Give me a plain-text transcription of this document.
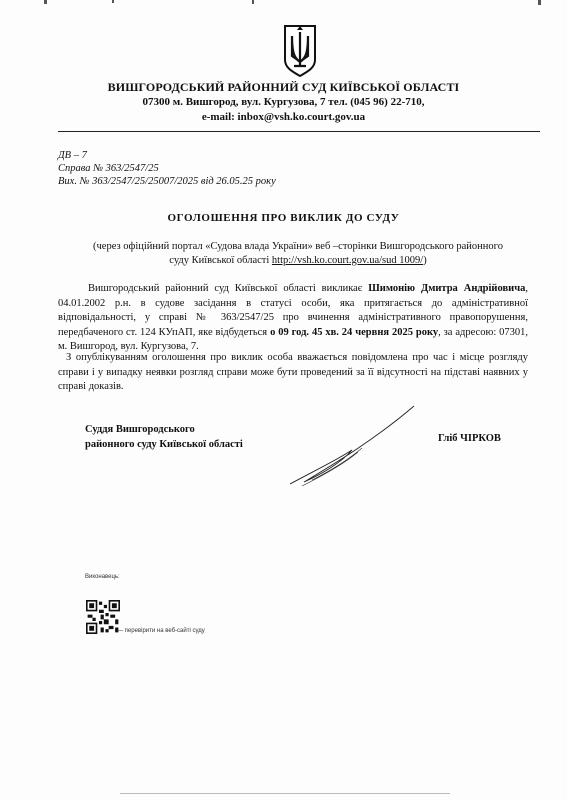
ВИШГОРОДСЬКИЙ РАЙОННИЙ СУД КИЇВСЬКОЇ ОБЛАСТІ
07300 м. Вишгород, вул. Кургузова, 7 тел. (045 96) 22-710,
e-mail: inbox@vsh.ko.court.gov.ua
ДВ – 7
Справа № 363/2547/25
Вих. № 363/2547/25/25007/2025 від 26.05.25 року
ОГОЛОШЕННЯ ПРО ВИКЛИК ДО СУДУ
(через офіційний портал «Судова влада України» веб –сторінки Вишгородського районного суду Київської області http://vsh.ko.court.gov.ua/sud 1009/)
Вишгородський районний суд Київської області викликає Шимонію Дмитра Андрійовича, 04.01.2002 р.н. в судове засідання в статусі особи, яка притягається до адміністративної відповідальності, у справі № 363/2547/25 про вчинення адміністративного правопорушення, передбаченого ст. 124 КУпАП, яке відбудеться о 09 год. 45 хв. 24 червня 2025 року, за адресою: 07301, м. Вишгород, вул. Кургузова, 7.
З опублікуванням оголошення про виклик особа вважається повідомлена про час і місце розгляду справи і у випадку неявки розгляд справи може бути проведений за її відсутності на підставі наявних у справі доказів.
Суддя Вишгородського
районного суду Київської області
Гліб ЧІРКОВ
Виконавець:
— перевірити на веб-сайті суду
